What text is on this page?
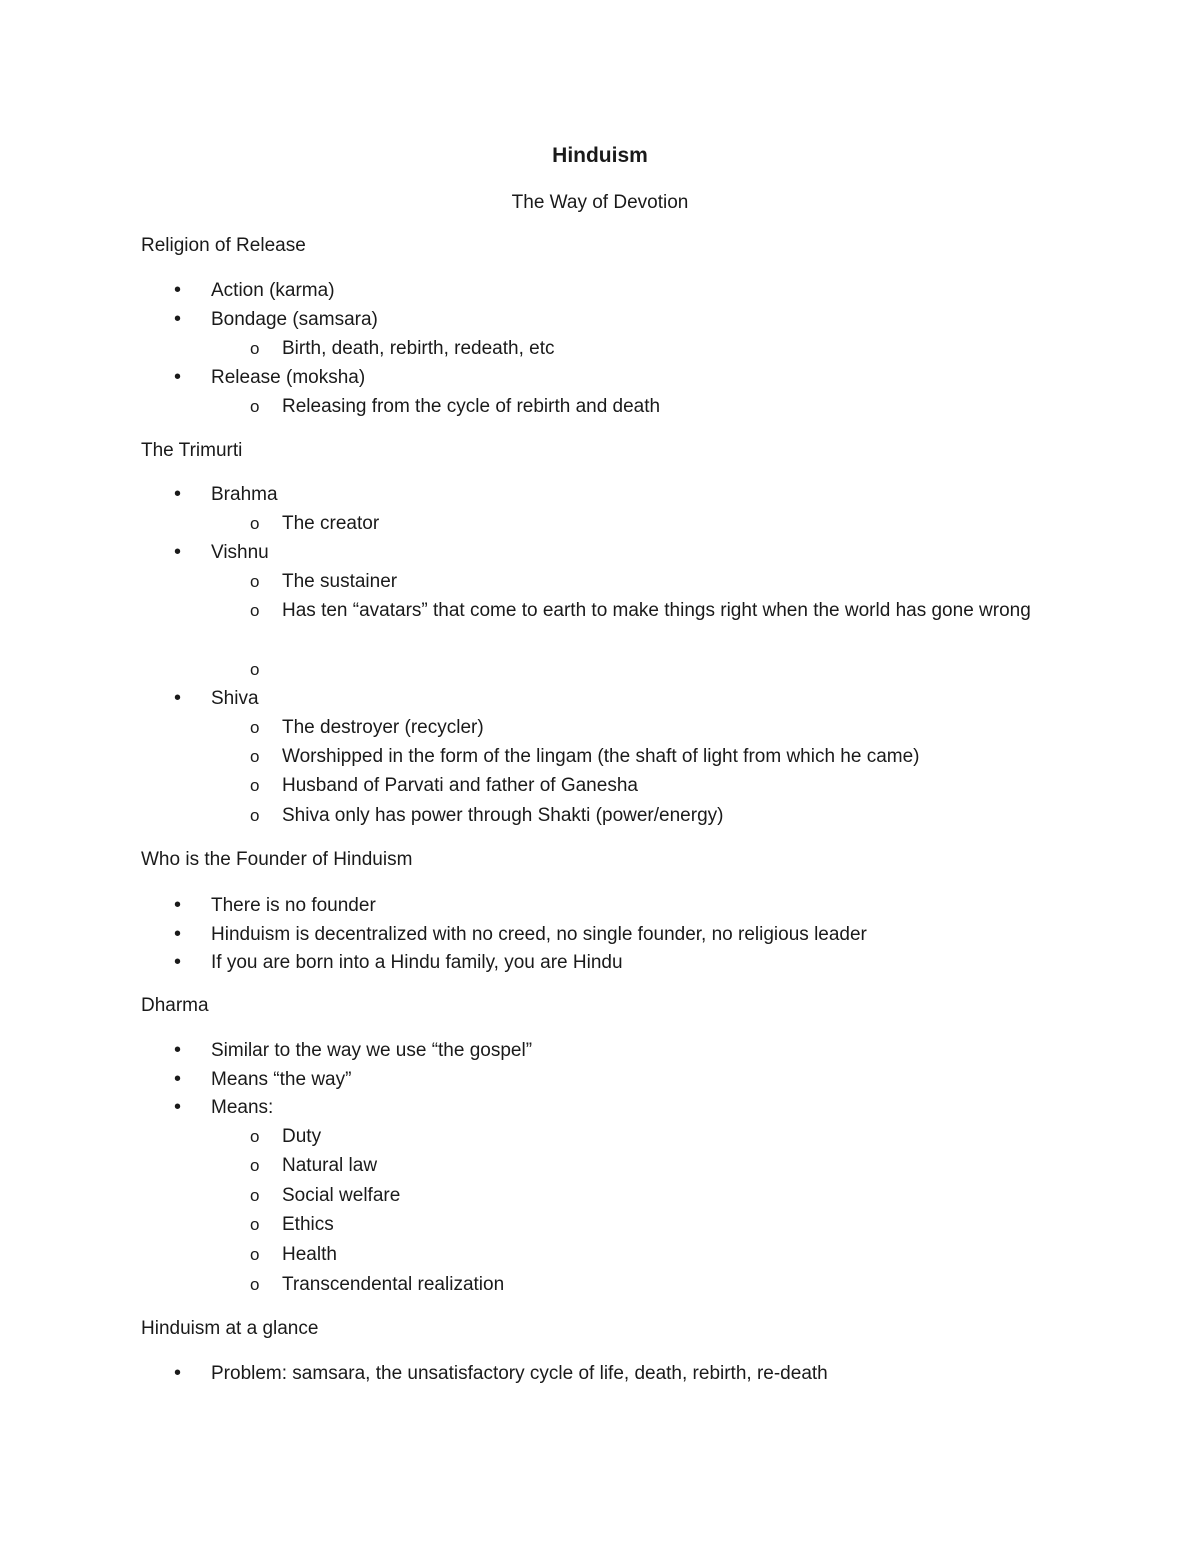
Hinduism
The Way of Devotion
Religion of Release
• Action (karma)
• Bondage (samsara)
o Birth, death, rebirth, redeath, etc
• Release (moksha)
o Releasing from the cycle of rebirth and death
The Trimurti
• Brahma
o The creator
• Vishnu
o The sustainer
o Has ten “avatars” that come to earth to make things right when the world has gone wrong
• Shiva
o The destroyer (recycler)
o Worshipped in the form of the lingam (the shaft of light from which he came)
o Husband of Parvati and father of Ganesha
o Shiva only has power through Shakti (power/energy)
Who is the Founder of Hinduism
• There is no founder
• Hinduism is decentralized with no creed, no single founder, no religious leader
• If you are born into a Hindu family, you are Hindu
Dharma
• Similar to the way we use “the gospel”
• Means “the way”
• Means:
o Duty
o Natural law
o Social welfare
o Ethics
o Health
o Transcendental realization
Hinduism at a glance
• Problem: samsara, the unsatisfactory cycle of life, death, rebirth, re-death
